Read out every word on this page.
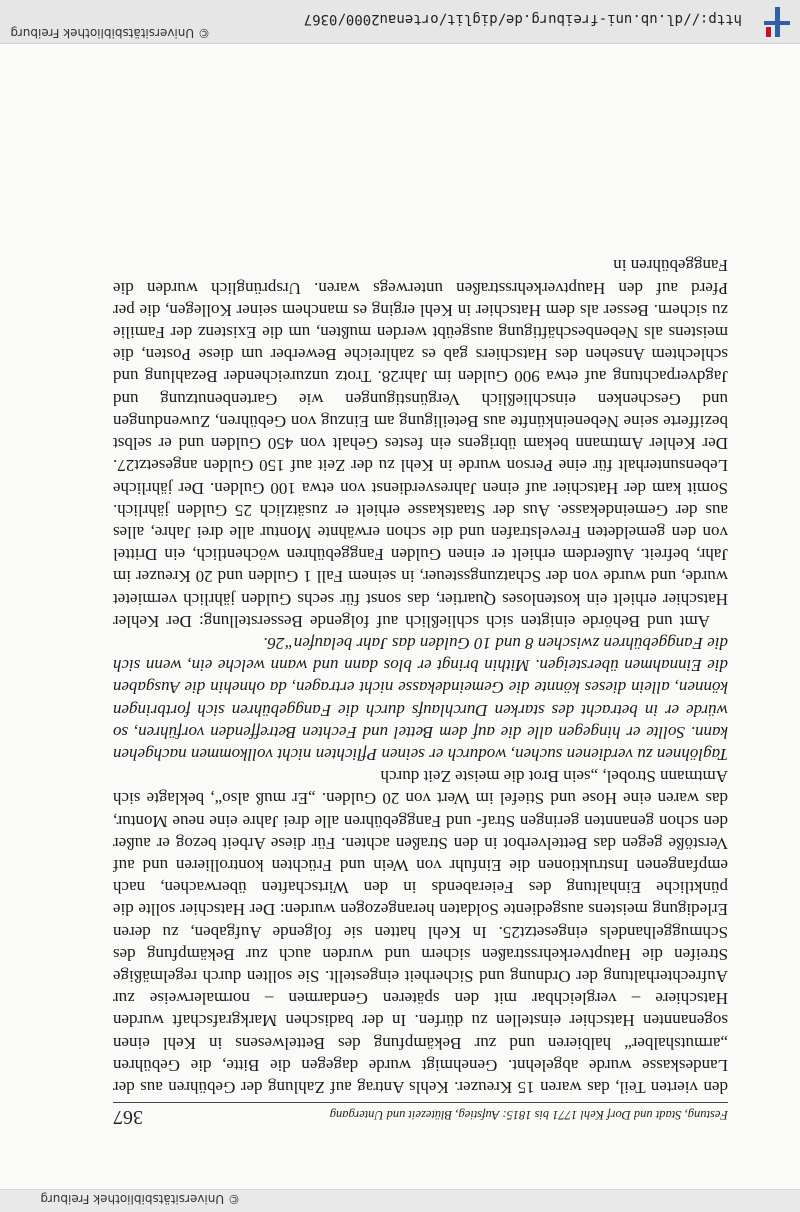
© Universitätsbibliothek Freiburg
Festung, Stadt und Dorf Kehl 1771 bis 1815: Aufstieg, Blütezeit und Untergang
367

den vierten Teil, das waren 15 Kreuzer. Kehls Antrag auf Zahlung der Gebühren aus der Landeskasse wurde abgelehnt. Genehmigt wurde dagegen die Bitte, die Gebühren „armutshalber“ halbieren und zur Bekämpfung des Bettelwesens in Kehl einen sogenannten Hatschier einstellen zu dürfen. In der badischen Markgrafschaft wurden Hatschiere – vergleichbar mit den späteren Gendarmen – normalerweise zur Aufrechterhaltung der Ordnung und Sicherheit eingestellt. Sie sollten durch regelmäßige Streifen die Hauptverkehrsstraßen sichern und wurden auch zur Bekämpfung des Schmuggelhandels eingesetzt25. In Kehl hatten sie folgende Aufgaben, zu deren Erledigung meistens ausgediente Soldaten herangezogen wurden: Der Hatschier sollte die pünktliche Einhaltung des Feierabends in den Wirtschaften überwachen, nach empfangenen Instruktionen die Einfuhr von Wein und Früchten kontrollieren und auf Verstöße gegen das Bettelverbot in den Straßen achten. Für diese Arbeit bezog er außer den schon genannten geringen Straf- und Fanggebühren alle drei Jahre eine neue Montur, das waren eine Hose und Stiefel im Wert von 20 Gulden. „Er muß also“, beklagte sich Amtmann Strobel, „sein Brot die meiste Zeit durch

Taglöhnen zu verdienen suchen, wodurch er seinen Pflichten nicht vollkommen nachgehen kann. Sollte er hingegen alle die auf dem Bettel und Fechten Betreffenden vorführen, so würde er in betracht des starken Durchlaufs durch die Fanggebühren sich fortbringen können, allein dieses könnte die Gemeindekasse nicht ertragen, da ohnehin die Ausgaben die Einnahmen übersteigen. Mithin bringt er blos dann und wann welche ein, wenn sich die Fanggebühren zwischen 8 und 10 Gulden das Jahr belaufen“26.

Amt und Behörde einigten sich schließlich auf folgende Besserstellung: Der Kehler Hatschier erhielt ein kostenloses Quartier, das sonst für sechs Gulden jährlich vermietet wurde, und wurde von der Schatzungssteuer, in seinem Fall 1 Gulden und 20 Kreuzer im Jahr, befreit. Außerdem erhielt er einen Gulden Fanggebühren wöchentlich, ein Drittel von den gemeldeten Frevelstrafen und die schon erwähnte Montur alle drei Jahre, alles aus der Gemeindekasse. Aus der Staatskasse erhielt er zusätzlich 25 Gulden jährlich. Somit kam der Hatschier auf einen Jahresverdienst von etwa 100 Gulden. Der jährliche Lebensunterhalt für eine Person wurde in Kehl zu der Zeit auf 150 Gulden angesetzt27. Der Kehler Amtmann bekam übrigens ein festes Gehalt von 450 Gulden und er selbst bezifferte seine Nebeneinkünfte aus Beteiligung am Einzug von Gebühren, Zuwendungen und Geschenken einschließlich Vergünstigungen wie Gartenbenutzung und Jagdverpachtung auf etwa 900 Gulden im Jahr28. Trotz unzureichender Bezahlung und schlechtem Ansehen des Hatschiers gab es zahlreiche Bewerber um diese Posten, die meistens als Nebenbeschäftigung ausgeübt werden mußten, um die Existenz der Familie zu sichern. Besser als dem Hatschier in Kehl erging es manchem seiner Kollegen, die per Pferd auf den Hauptverkehrsstraßen unterwegs waren. Ursprünglich wurden die Fanggebühren in

http://dl.ub.uni-freiburg.de/diglit/ortenau2000/0367
© Universitätsbibliothek Freiburg
